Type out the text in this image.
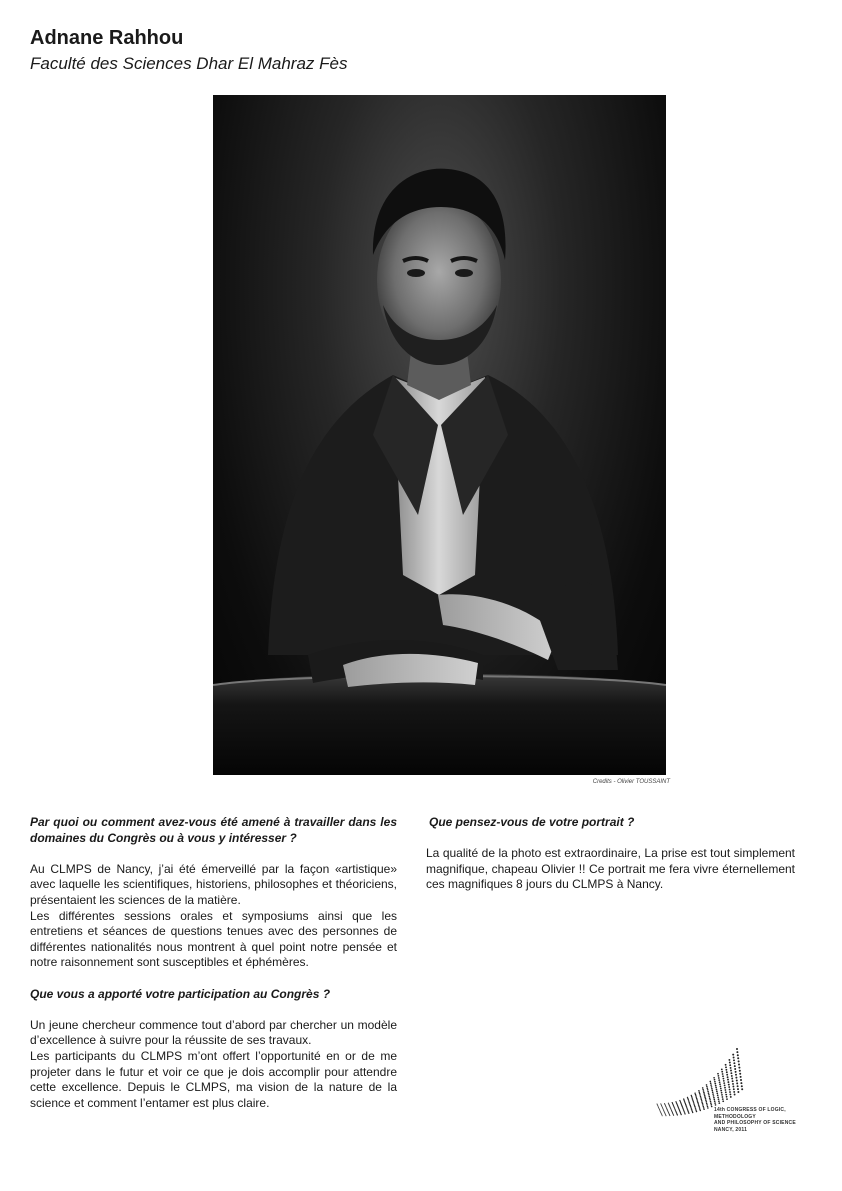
Adnane Rahhou

Faculté des Sciences Dhar El Mahraz Fès

Credits - Olivier TOUSSAINT

Par quoi ou comment avez-vous été amené à travailler dans les domaines du Congrès ou à vous y intéresser ?

Au CLMPS de Nancy, j’ai été émerveillé par la façon «artistique» avec laquelle les scientifiques, historiens, philosophes et théoriciens, présentaient les sciences de la matière.

Les différentes sessions orales et symposiums ainsi que les entretiens et séances de questions tenues avec des personnes de différentes nationalités nous montrent à quel point notre pensée et notre raisonnement sont susceptibles et éphémères.

Que vous a apporté votre participation au Congrès ?

Un jeune chercheur commence tout d’abord par chercher un modèle d’excellence à suivre pour la réussite de ses travaux.

Les participants du CLMPS m’ont offert l’opportunité en or de me projeter dans le futur et voir ce que je dois accomplir pour attendre cette excellence. Depuis le CLMPS, ma vision de la nature de la science et comment l’entamer est plus claire.

Que pensez-vous de votre portrait ?

La qualité de la photo est extraordinaire, La prise est tout simplement magnifique, chapeau Olivier !! Ce portrait me fera vivre éternellement ces magnifiques 8 jours du CLMPS à Nancy.

14th CONGRESS OF LOGIC,
METHODOLOGY
AND PHILOSOPHY OF SCIENCE
NANCY, 2011
